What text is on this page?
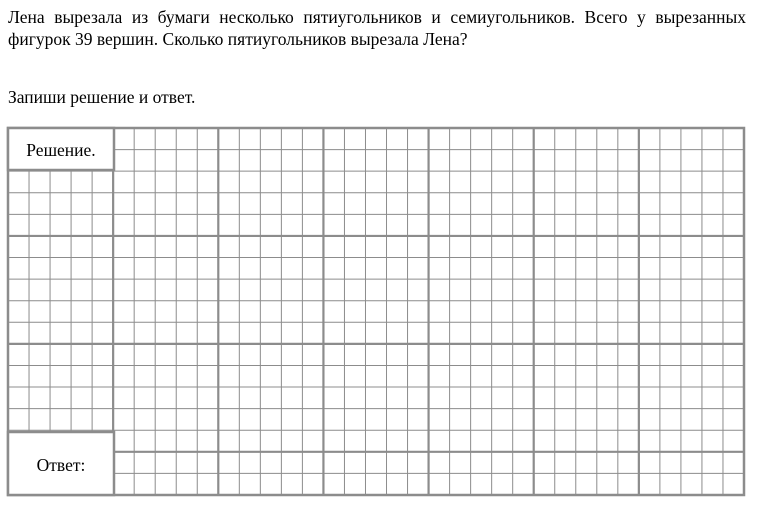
Лена вырезала из бумаги несколько пятиугольников и семиугольников. Всего у вырезанных фигурок 39 вершин. Сколько пятиугольников вырезала Лена?

Запиши решение и ответ.

Решение.
Ответ:
